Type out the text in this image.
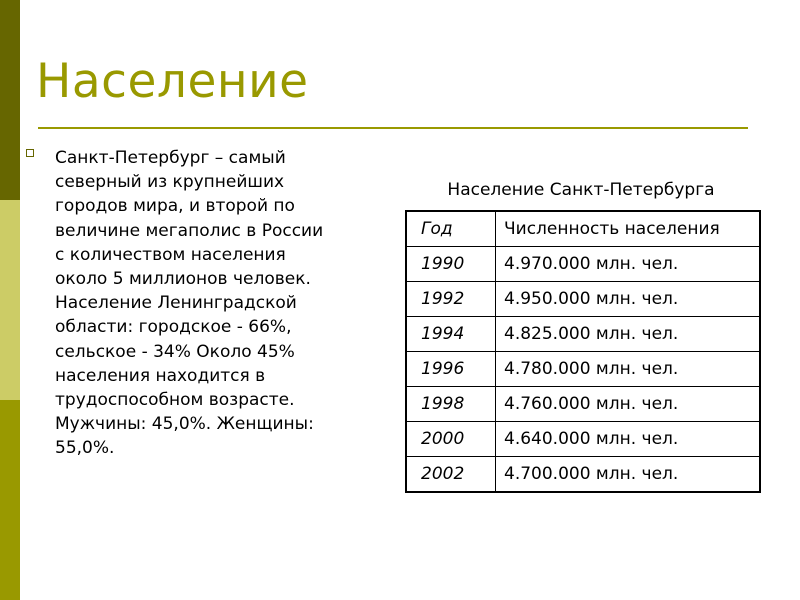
Население
Санкт-Петербург – самый
северный из крупнейших
городов мира, и второй по
величине мегаполис в России
с количеством населения
около 5 миллионов человек.
Население Ленинградской
области: городское - 66%,
сельское - 34% Около 45%
населения находится в
трудоспособном возрасте.
Мужчины: 45,0%. Женщины:
55,0%.
Население Санкт-Петербурга
Год	Численность населения
1990	4.970.000 млн. чел.
1992	4.950.000 млн. чел.
1994	4.825.000 млн. чел.
1996	4.780.000 млн. чел.
1998	4.760.000 млн. чел.
2000	4.640.000 млн. чел.
2002	4.700.000 млн. чел.
